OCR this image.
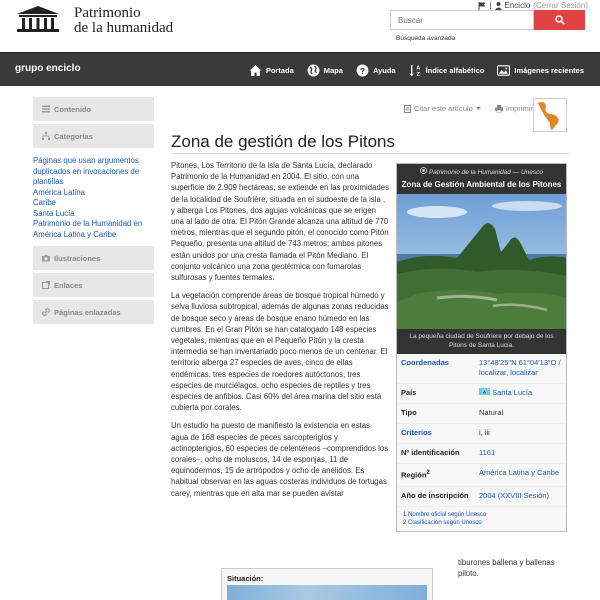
Patrimonio
de la humanidad
| Enciclo (Cerrar Sesión)
Buscar
Búsqueda avanzada
grupo enciclo	Portada	Mapa ? Ayuda	A
Z Índice alfabético	Imágenes recientes
Contenido
Categorías
Páginas que usan argumentos duplicados en invocaciones de plantillas
América Latina
Caribe
Santa Lucía
Patrimonio de la Humanidad en América Latina y Caribe
Ilustraciones
Enlaces
Páginas enlazadas
Citar este artículo	Imprimir
Zona de gestión de los Pitons

Pitones, Los Territorio de la isla de Santa Lucía, declarado Patrimonio de la Humanidad en 2004. El sitio, con una superficie de 2.909 hectáreas, se extiende en las proximidades de la localidad de Soufrière, situada en el sudoeste de la isla , y alberga Los Pitones, dos agujas volcánicas que se erigen una al lado de otra. El Pitón Grande alcanza una altitud de 770 metros, mientras que el segundo pitón, el conocido como Pitón Pequeño, presenta una altitud de 743 metros; ambos pitones están unidos por una cresta llamada el Pitón Mediano. El conjunto volcánico una zona geotérmica con fumarolas sulfurosas y fuentes termales.

La vegetación comprende áreas de bosque tropical húmedo y selva lluviosa subtropical, además de algunas zonas reducidas de bosque seco y áreas de bosque enano húmedo en las cumbres. En el Gran Pitón se han catalogado 148 especies vegetales, mientras que en el Pequeño Pitón y la cresta intermedia se han inventariado poco menos de un centenar. El territorio alberga 27 especies de aves, cinco de ellas endémicas, tres especies de roedores autóctonos, tres especies de murciélagos, ocho especies de reptiles y tres especies de anfibios. Casi 60% del área marina del sitio está cubierta por corales.

Un estudio ha puesto de manifiesto la existencia en estas agua de 168 especies de peces sarcopterigios y actinopterigios, 60 especies de celentéreos –comprendidos los corales–, ocho de moluscos, 14 de esponjas, 11 de equinodermos, 15 de artrópodos y ocho de anélidos. Es habitual observar en las aguas costeras individuos de tortugas carey, mientras que en alta mar se pueden avistar

tiburones ballena y ballenas piloto.
Patrimonio de la Humanidad — Unesco
Zona de Gestión Ambiental de los Pitones
La pequeña ciudad de Soufriere por debajo de los Pitons de Santa Lucia.
Coordenadas	13°48′25″N 61°04′13″O / localizar, localizar
País	Santa Lucía
Tipo	Natural
Criterios	i, iii
Nº identificación	1161
Región$^2$	América Latina y Caribe
Año de inscripción	2004 (XXVIII Sesión)
1 Nombre oficial según Unesco
2 Clasificación según Unesco
Situación:
